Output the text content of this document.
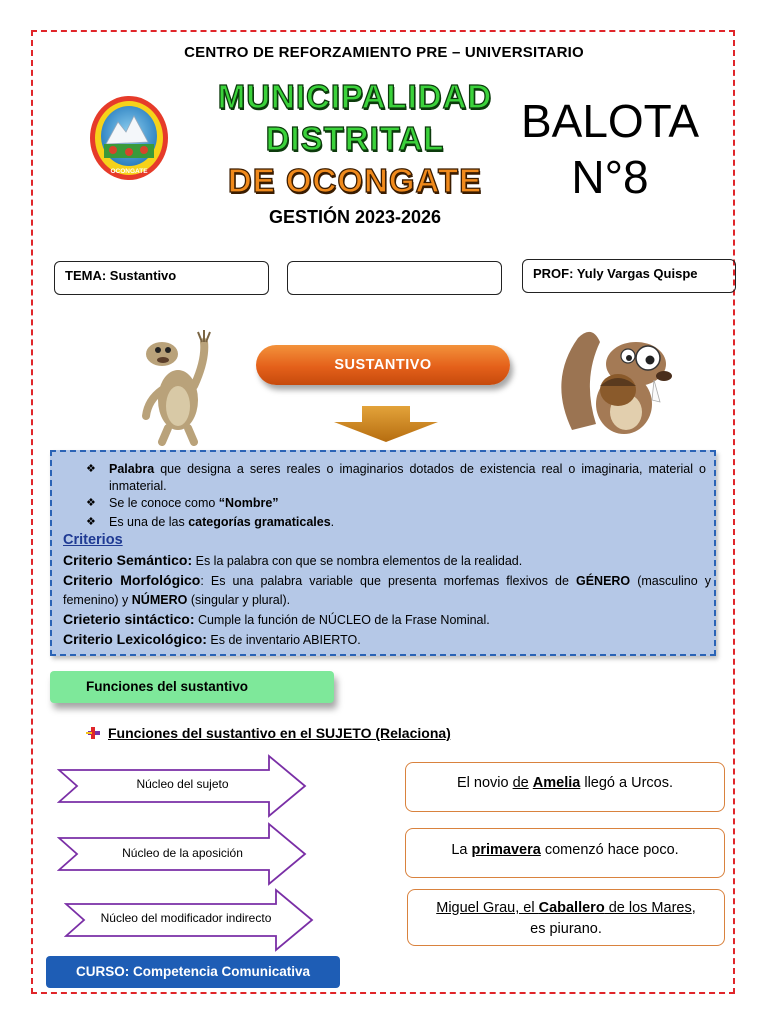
CENTRO DE REFORZAMIENTO PRE – UNIVERSITARIO
OCONGATE
MUNICIPALIDAD
DISTRITAL
DE OCONGATE
GESTIÓN 2023-2026
BALOTA
N°8
TEMA: Sustantivo	PROF: Yuly Vargas Quispe
SUSTANTIVO
❖	Palabra que designa a seres reales o imaginarios dotados de existencia real o imaginaria, material o inmaterial.
❖	Se le conoce como “Nombre”
❖	Es una de las categorías gramaticales.
Criterios
Criterio Semántico: Es la palabra con que se nombra elementos de la realidad.
Criterio Morfológico: Es una palabra variable que presenta morfemas flexivos de GÉNERO (masculino y femenino) y NÚMERO (singular y plural).
Crieterio sintáctico: Cumple la función de NÚCLEO de la Frase Nominal.
Criterio Lexicológico: Es de inventario ABIERTO.
Funciones del sustantivo
Funciones del sustantivo en el SUJETO (Relaciona)
Núcleo del sujeto
Núcleo de la aposición
Núcleo del modificador indirecto
El novio de Amelia llegó a Urcos.
La primavera comenzó hace poco.
Miguel Grau, el Caballero de los Mares,
es piurano.
CURSO: Competencia Comunicativa
